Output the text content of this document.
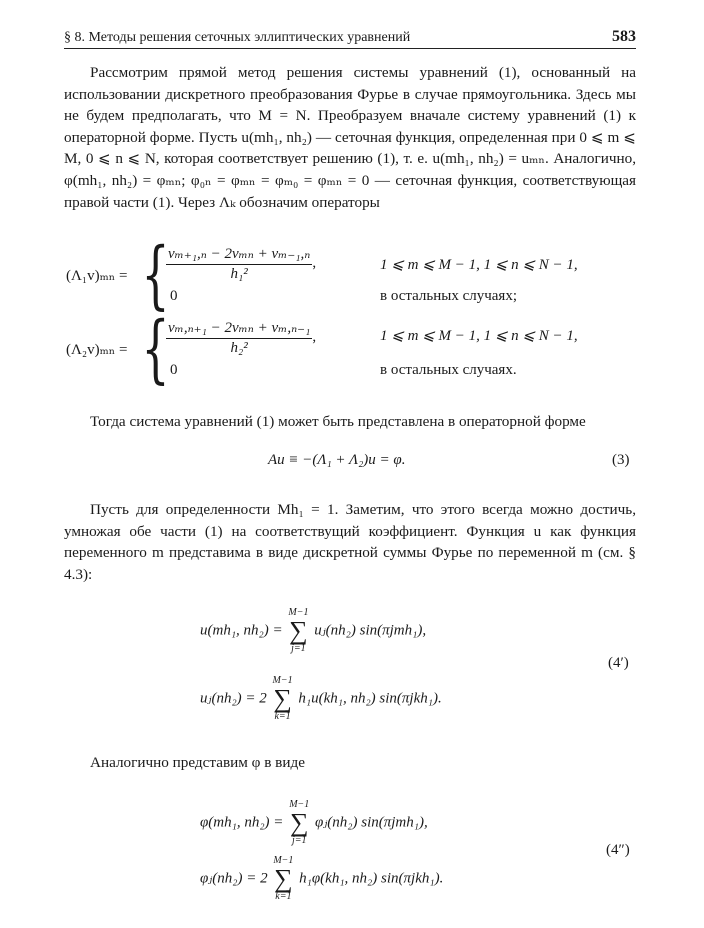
§ 8. Методы решения сеточных эллиптических уравнений	583

Рассмотрим прямой метод решения системы уравнений (1), основанный на использовании дискретного преобразования Фурье в случае прямоугольника. Здесь мы не будем предполагать, что M = N. Преобразуем вначале систему уравнений (1) к операторной форме. Пусть u(mh₁, nh₂) — сеточная функция, определенная при 0 ⩽ m ⩽ M, 0 ⩽ n ⩽ N, которая соответствует решению (1), т. е. u(mh₁, nh₂) = uₘₙ. Аналогично, φ(mh₁, nh₂) = φₘₙ; φ₀ₙ = φₘₙ = φₘ₀ = φₘₙ = 0 — сеточная функция, соответствующая правой части (1). Через Λₖ обозначим операторы

(Λ₁v)ₘₙ = {
$\frac{\text{vₘ₊₁,ₙ − 2vₘₙ + vₘ₋₁,ₙ}}{\text{h₁²}}$ ,
0
1 ⩽ m ⩽ M − 1, 1 ⩽ n ⩽ N − 1,
в остальных случаях;
(Λ₂v)ₘₙ = {
$\frac{\text{vₘ,ₙ₊₁ − 2vₘₙ + vₘ,ₙ₋₁}}{\text{h₂²}}$ ,
0
1 ⩽ m ⩽ M − 1, 1 ⩽ n ⩽ N − 1,
в остальных случаях.

Тогда система уравнений (1) может быть представлена в операторной форме

Au ≡ −(Λ₁ + Λ₂)u = φ.	(3)

Пусть для определенности Mh₁ = 1. Заметим, что этого всегда можно достичь, умножая обе части (1) на соответствущий коэффициент. Функция u как функция переменного m представима в виде дискретной суммы Фурье по переменной m (см. § 4.3):

u(mh₁, nh₂) =
M−1
∑
j=1
uⱼ(nh₂) sin(πjmh₁),
uⱼ(nh₂) = 2
M−1
∑
k=1
h₁u(kh₁, nh₂) sin(πjkh₁).
(4′)

Аналогично представим φ в виде

φ(mh₁, nh₂) =
M−1
∑
j=1
φⱼ(nh₂) sin(πjmh₁),
φⱼ(nh₂) = 2
M−1
∑
k=1
h₁φ(kh₁, nh₂) sin(πjkh₁).
(4″)
